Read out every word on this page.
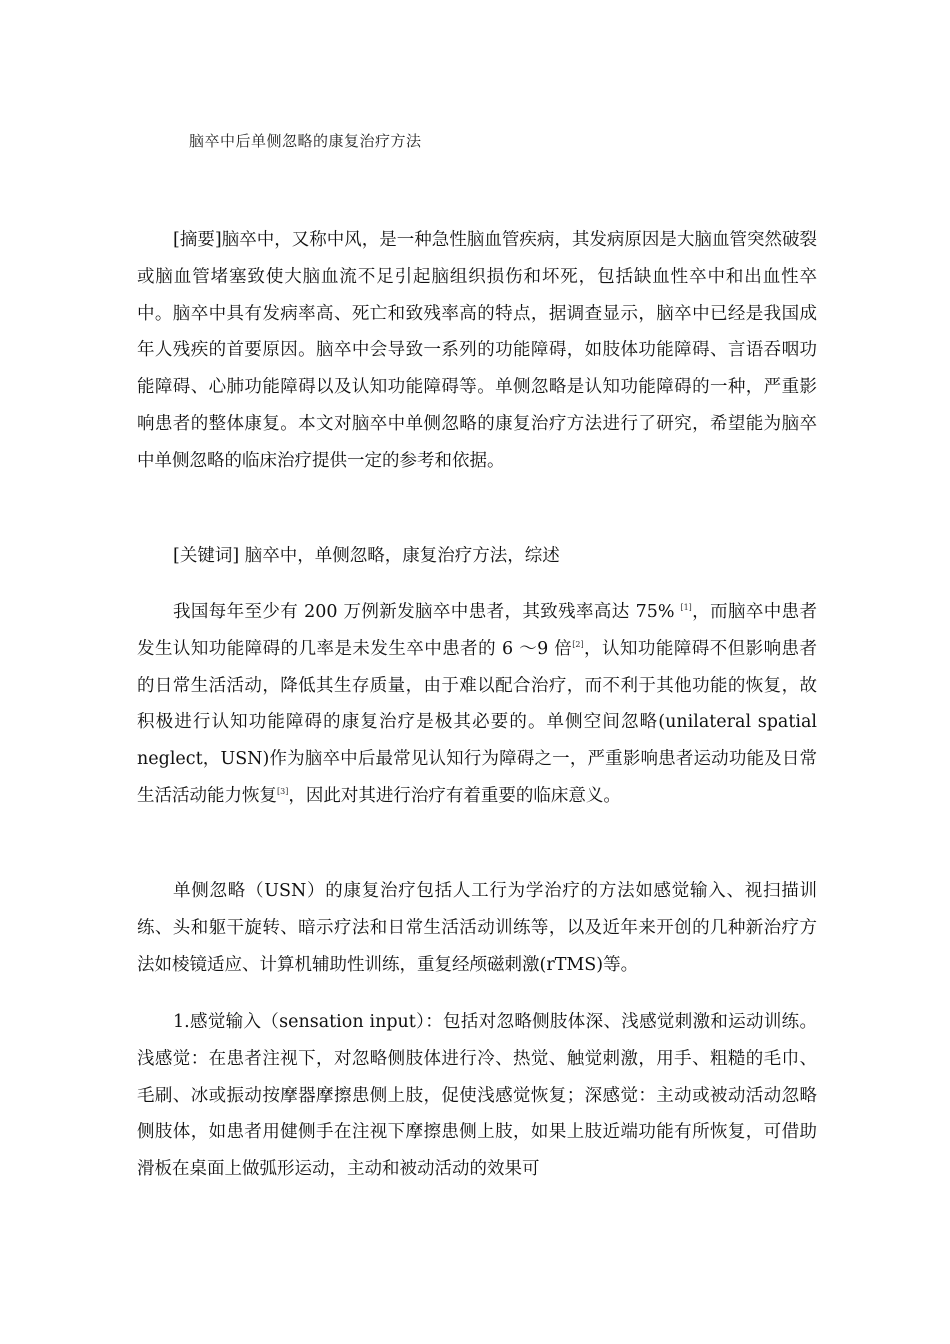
脑卒中后单侧忽略的康复治疗方法

[摘要]脑卒中，又称中风，是一种急性脑血管疾病，其发病原因是大脑血管突然破裂或脑血管堵塞致使大脑血流不足引起脑组织损伤和坏死，包括缺血性卒中和出血性卒中。脑卒中具有发病率高、死亡和致残率高的特点，据调查显示，脑卒中已经是我国成年人残疾的首要原因。脑卒中会导致一系列的功能障碍，如肢体功能障碍、言语吞咽功能障碍、心肺功能障碍以及认知功能障碍等。单侧忽略是认知功能障碍的一种，严重影响患者的整体康复。本文对脑卒中单侧忽略的康复治疗方法进行了研究，希望能为脑卒中单侧忽略的临床治疗提供一定的参考和依据。

[关键词] 脑卒中，单侧忽略，康复治疗方法，综述

我国每年至少有 200 万例新发脑卒中患者，其致残率高达 75% [1]，而脑卒中患者发生认知功能障碍的几率是未发生卒中患者的 6 ～9 倍[2]，认知功能障碍不但影响患者的日常生活活动，降低其生存质量，由于难以配合治疗，而不利于其他功能的恢复，故积极进行认知功能障碍的康复治疗是极其必要的。单侧空间忽略(unilateral spatial neglect，USN)作为脑卒中后最常见认知行为障碍之一，严重影响患者运动功能及日常生活活动能力恢复[3]，因此对其进行治疗有着重要的临床意义。

单侧忽略（USN）的康复治疗包括人工行为学治疗的方法如感觉输入、视扫描训练、头和躯干旋转、暗示疗法和日常生活活动训练等，以及近年来开创的几种新治疗方法如棱镜适应、计算机辅助性训练，重复经颅磁刺激(rTMS)等。

1.感觉输入（sensation input）：包括对忽略侧肢体深、浅感觉刺激和运动训练。浅感觉：在患者注视下，对忽略侧肢体进行冷、热觉、触觉刺激，用手、粗糙的毛巾、毛刷、冰或振动按摩器摩擦患侧上肢，促使浅感觉恢复；深感觉：主动或被动活动忽略侧肢体，如患者用健侧手在注视下摩擦患侧上肢，如果上肢近端功能有所恢复，可借助滑板在桌面上做弧形运动，主动和被动活动的效果可
